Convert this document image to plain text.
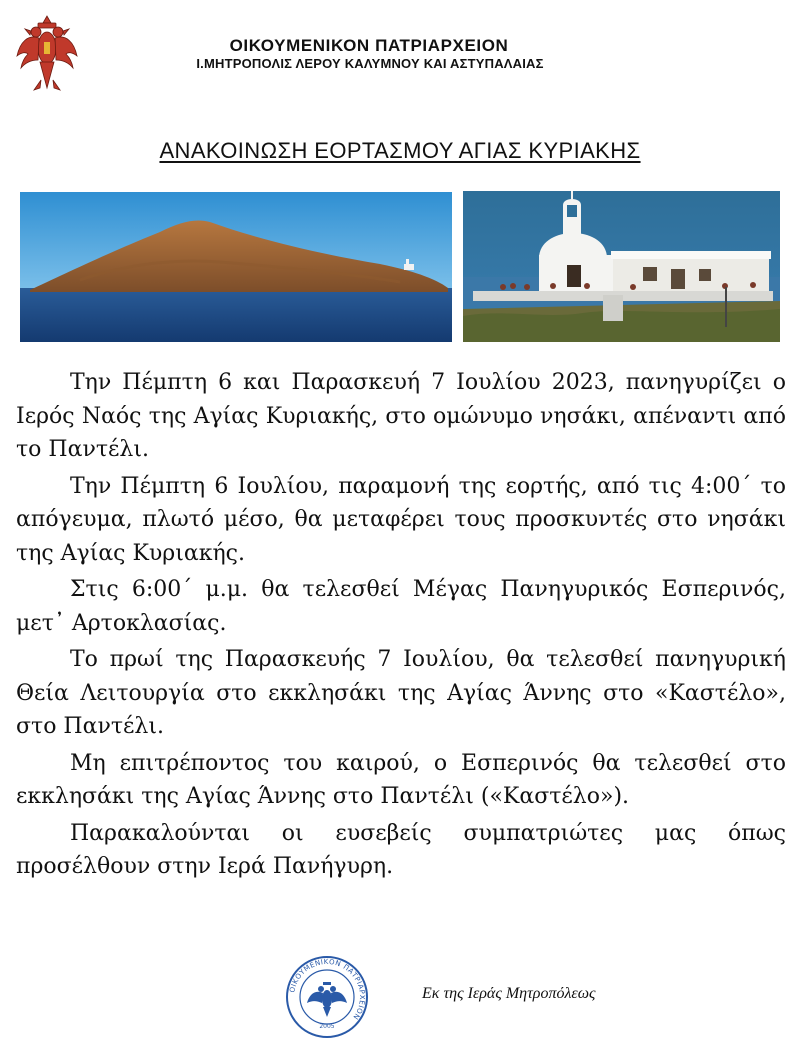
ΟΙΚΟΥΜΕΝΙΚΟΝ ΠΑΤΡΙΑΡΧΕΙΟΝ
Ι.ΜΗΤΡΟΠΟΛΙΣ ΛΕΡΟΥ ΚΑΛΥΜΝΟΥ ΚΑΙ ΑΣΤΥΠΑΛΑΙΑΣ
ΑΝΑΚΟΙΝΩΣΗ ΕΟΡΤΑΣΜΟΥ ΑΓΙΑΣ ΚΥΡΙΑΚΗΣ

Την Πέμπτη 6 και Παρασκευή 7 Ιουλίου 2023, πανηγυρίζει ο Ιερός Ναός της Αγίας Κυριακής, στο ομώνυμο νησάκι, απέναντι από το Παντέλι.

Την Πέμπτη 6 Ιουλίου, παραμονή της εορτής, από τις 4:00΄ το απόγευμα, πλωτό μέσο, θα μεταφέρει τους προσκυντές στο νησάκι της Αγίας Κυριακής.

Στις 6:00΄ μ.μ. θα τελεσθεί Μέγας Πανηγυρικός Εσπερινός, μετ᾽ Αρτοκλασίας.

Το πρωί της Παρασκευής 7 Ιουλίου, θα τελεσθεί πανηγυρική Θεία Λειτουργία στο εκκλησάκι της Αγίας Άννης στο «Καστέλο», στο Παντέλι.

Μη επιτρέποντος του καιρού, ο Εσπερινός θα τελεσθεί στο εκκλησάκι της Αγίας Άννης στο Παντέλι («Καστέλο»).

Παρακαλούνται οι ευσεβείς συμπατριώτες μας όπως προσέλθουν στην Ιερά Πανήγυρη.

ΟΙΚΟΥΜΕΝΙΚΟΝ ΠΑΤΡΙΑΡΧΕΙΟΝ
2005
Εκ της Ιεράς Μητροπόλεως
